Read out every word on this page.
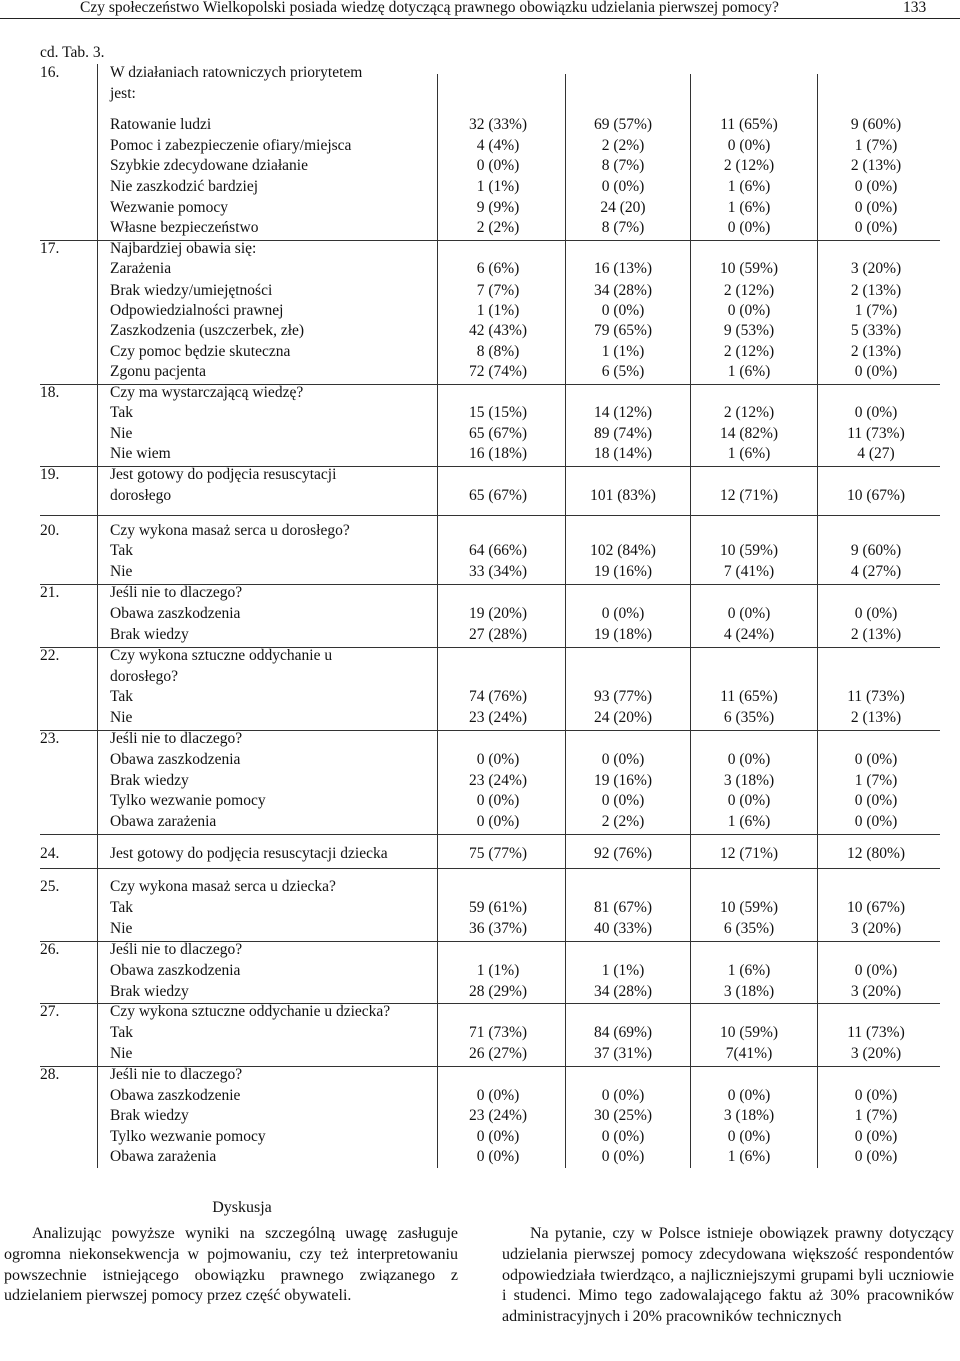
Czy społeczeństwo Wielkopolski posiada wiedzę dotyczącą prawnego obowiązku udzielania pierwszej pomocy?	133
cd. Tab. 3.
16.	W działaniach ratowniczych priorytetem
jest:
Ratowanie ludzi	32 (33%)	69 (57%)	11 (65%)	9 (60%)
Pomoc i zabezpieczenie ofiary/miejsca	4 (4%)	2 (2%)	0 (0%)	1 (7%)
Szybkie zdecydowane działanie	0 (0%)	8 (7%)	2 (12%)	2 (13%)
Nie zaszkodzić bardziej	1 (1%)	0 (0%)	1 (6%)	0 (0%)
Wezwanie pomocy	9 (9%)	24 (20)	1 (6%)	0 (0%)
Własne bezpieczeństwo	2 (2%)	8 (7%)	0 (0%)	0 (0%)
17.	Najbardziej obawia się:
Zarażenia	6 (6%)	16 (13%)	10 (59%)	3 (20%)
Brak wiedzy/umiejętności	7 (7%)	34 (28%)	2 (12%)	2 (13%)
Odpowiedzialności prawnej	1 (1%)	0 (0%)	0 (0%)	1 (7%)
Zaszkodzenia (uszczerbek, złe)	42 (43%)	79 (65%)	9 (53%)	5 (33%)
Czy pomoc będzie skuteczna	8 (8%)	1 (1%)	2 (12%)	2 (13%)
Zgonu pacjenta	72 (74%)	6 (5%)	1 (6%)	0 (0%)
18.	Czy ma wystarczającą wiedzę?
Tak	15 (15%)	14 (12%)	2 (12%)	0 (0%)
Nie	65 (67%)	89 (74%)	14 (82%)	11 (73%)
Nie wiem	16 (18%)	18 (14%)	1 (6%)	4 (27)
19.	Jest gotowy do podjęcia resuscytacji
dorosłego	65 (67%)	101 (83%)	12 (71%)	10 (67%)
20.	Czy wykona masaż serca u dorosłego?
Tak	64 (66%)	102 (84%)	10 (59%)	9 (60%)
Nie	33 (34%)	19 (16%)	7 (41%)	4 (27%)
21.	Jeśli nie to dlaczego?
Obawa zaszkodzenia	19 (20%)	0 (0%)	0 (0%)	0 (0%)
Brak wiedzy	27 (28%)	19 (18%)	4 (24%)	2 (13%)
22.	Czy wykona sztuczne oddychanie u
dorosłego?
Tak	74 (76%)	93 (77%)	11 (65%)	11 (73%)
Nie	23 (24%)	24 (20%)	6 (35%)	2 (13%)
23.	Jeśli nie to dlaczego?
Obawa zaszkodzenia	0 (0%)	0 (0%)	0 (0%)	0 (0%)
Brak wiedzy	23 (24%)	19 (16%)	3 (18%)	1 (7%)
Tylko wezwanie pomocy	0 (0%)	0 (0%)	0 (0%)	0 (0%)
Obawa zarażenia	0 (0%)	2 (2%)	1 (6%)	0 (0%)
24.	Jest gotowy do podjęcia resuscytacji dziecka	75 (77%)	92 (76%)	12 (71%)	12 (80%)
25.	Czy wykona masaż serca u dziecka?
Tak	59 (61%)	81 (67%)	10 (59%)	10 (67%)
Nie	36 (37%)	40 (33%)	6 (35%)	3 (20%)
26.	Jeśli nie to dlaczego?
Obawa zaszkodzenia	1 (1%)	1 (1%)	1 (6%)	0 (0%)
Brak wiedzy	28 (29%)	34 (28%)	3 (18%)	3 (20%)
27.	Czy wykona sztuczne oddychanie u dziecka?
Tak	71 (73%)	84 (69%)	10 (59%)	11 (73%)
Nie	26 (27%)	37 (31%)	7(41%)	3 (20%)
28.	Jeśli nie to dlaczego?
Obawa zaszkodzenie	0 (0%)	0 (0%)	0 (0%)	0 (0%)
Brak wiedzy	23 (24%)	30 (25%)	3 (18%)	1 (7%)
Tylko wezwanie pomocy	0 (0%)	0 (0%)	0 (0%)	0 (0%)
Obawa zarażenia	0 (0%)	0 (0%)	1 (6%)	0 (0%)
Dyskusja

Analizując powyższe wyniki na szczególną uwagę zasługuje ogromna niekonsekwencja w pojmowaniu, czy też interpretowaniu powszechnie istniejącego obowiązku prawnego związanego z udzielaniem pierwszej pomocy przez część obywateli.

Na pytanie, czy w Polsce istnieje obowiązek prawny dotyczący udzielania pierwszej pomocy zdecydowana większość respondentów odpowiedziała twierdząco, a najliczniejszymi grupami byli uczniowie i studenci. Mimo tego zadowalającego faktu aż 30% pracowników administracyjnych i 20% pracowników technicznych
